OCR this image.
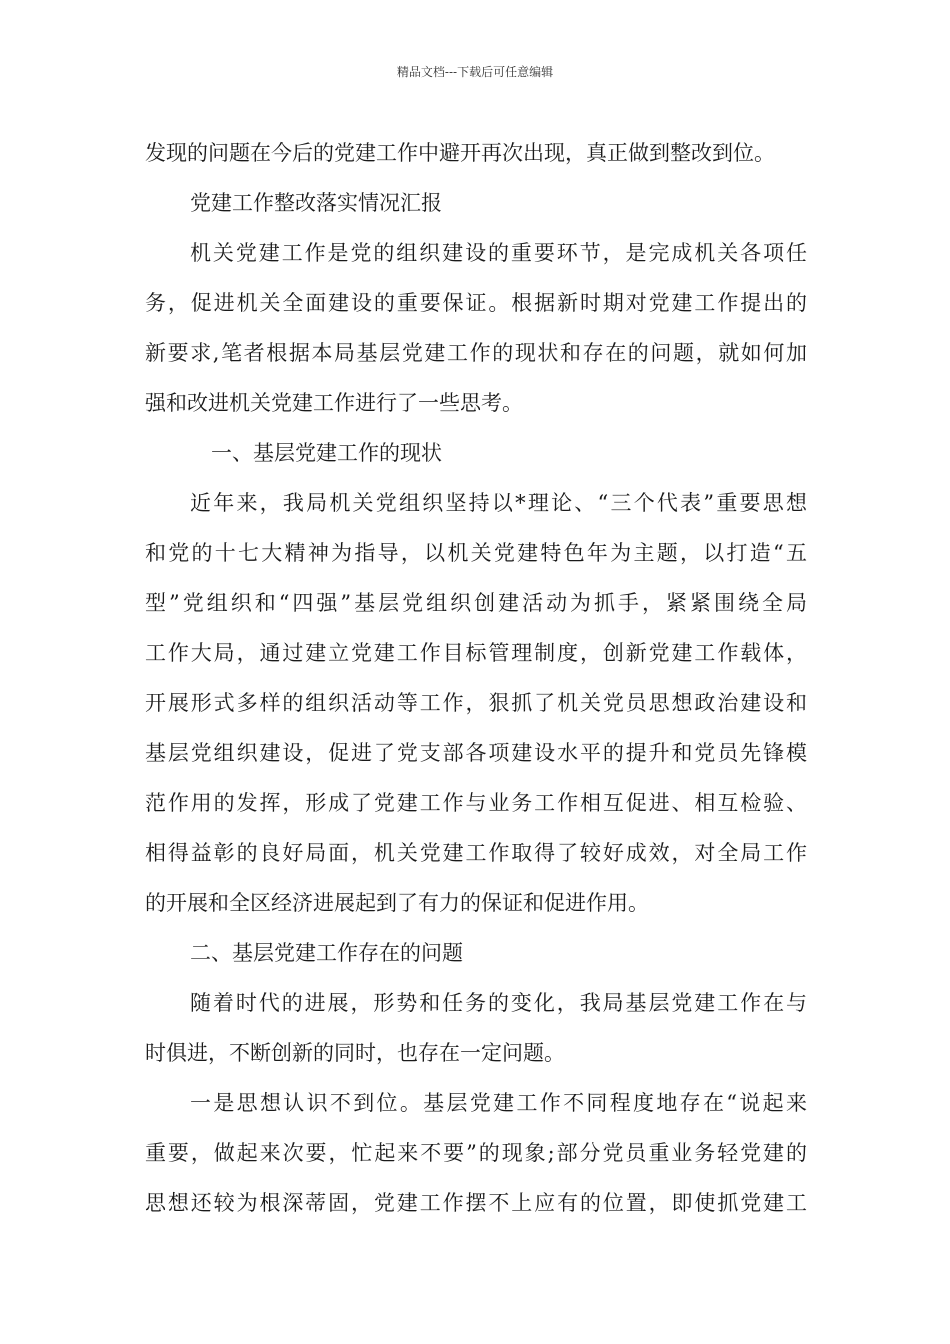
精品文档---下载后可任意编辑
发现的问题在今后的党建工作中避开再次出现，真正做到整改到位。
党建工作整改落实情况汇报
机关党建工作是党的组织建设的重要环节，是完成机关各项任
务，促进机关全面建设的重要保证。根据新时期对党建工作提出的
新要求,笔者根据本局基层党建工作的现状和存在的问题，就如何加
强和改进机关党建工作进行了一些思考。
一、基层党建工作的现状
近年来，我局机关党组织坚持以*理论、“三个代表”重要思想
和党的十七大精神为指导，以机关党建特色年为主题，以打造“五
型”党组织和“四强”基层党组织创建活动为抓手，紧紧围绕全局
工作大局，通过建立党建工作目标管理制度，创新党建工作载体，
开展形式多样的组织活动等工作，狠抓了机关党员思想政治建设和
基层党组织建设，促进了党支部各项建设水平的提升和党员先锋模
范作用的发挥，形成了党建工作与业务工作相互促进、相互检验、
相得益彰的良好局面，机关党建工作取得了较好成效，对全局工作
的开展和全区经济进展起到了有力的保证和促进作用。
二、基层党建工作存在的问题
随着时代的进展，形势和任务的变化，我局基层党建工作在与
时俱进，不断创新的同时，也存在一定问题。
一是思想认识不到位。基层党建工作不同程度地存在“说起来
重要，做起来次要，忙起来不要”的现象;部分党员重业务轻党建的
思想还较为根深蒂固，党建工作摆不上应有的位置，即使抓党建工
